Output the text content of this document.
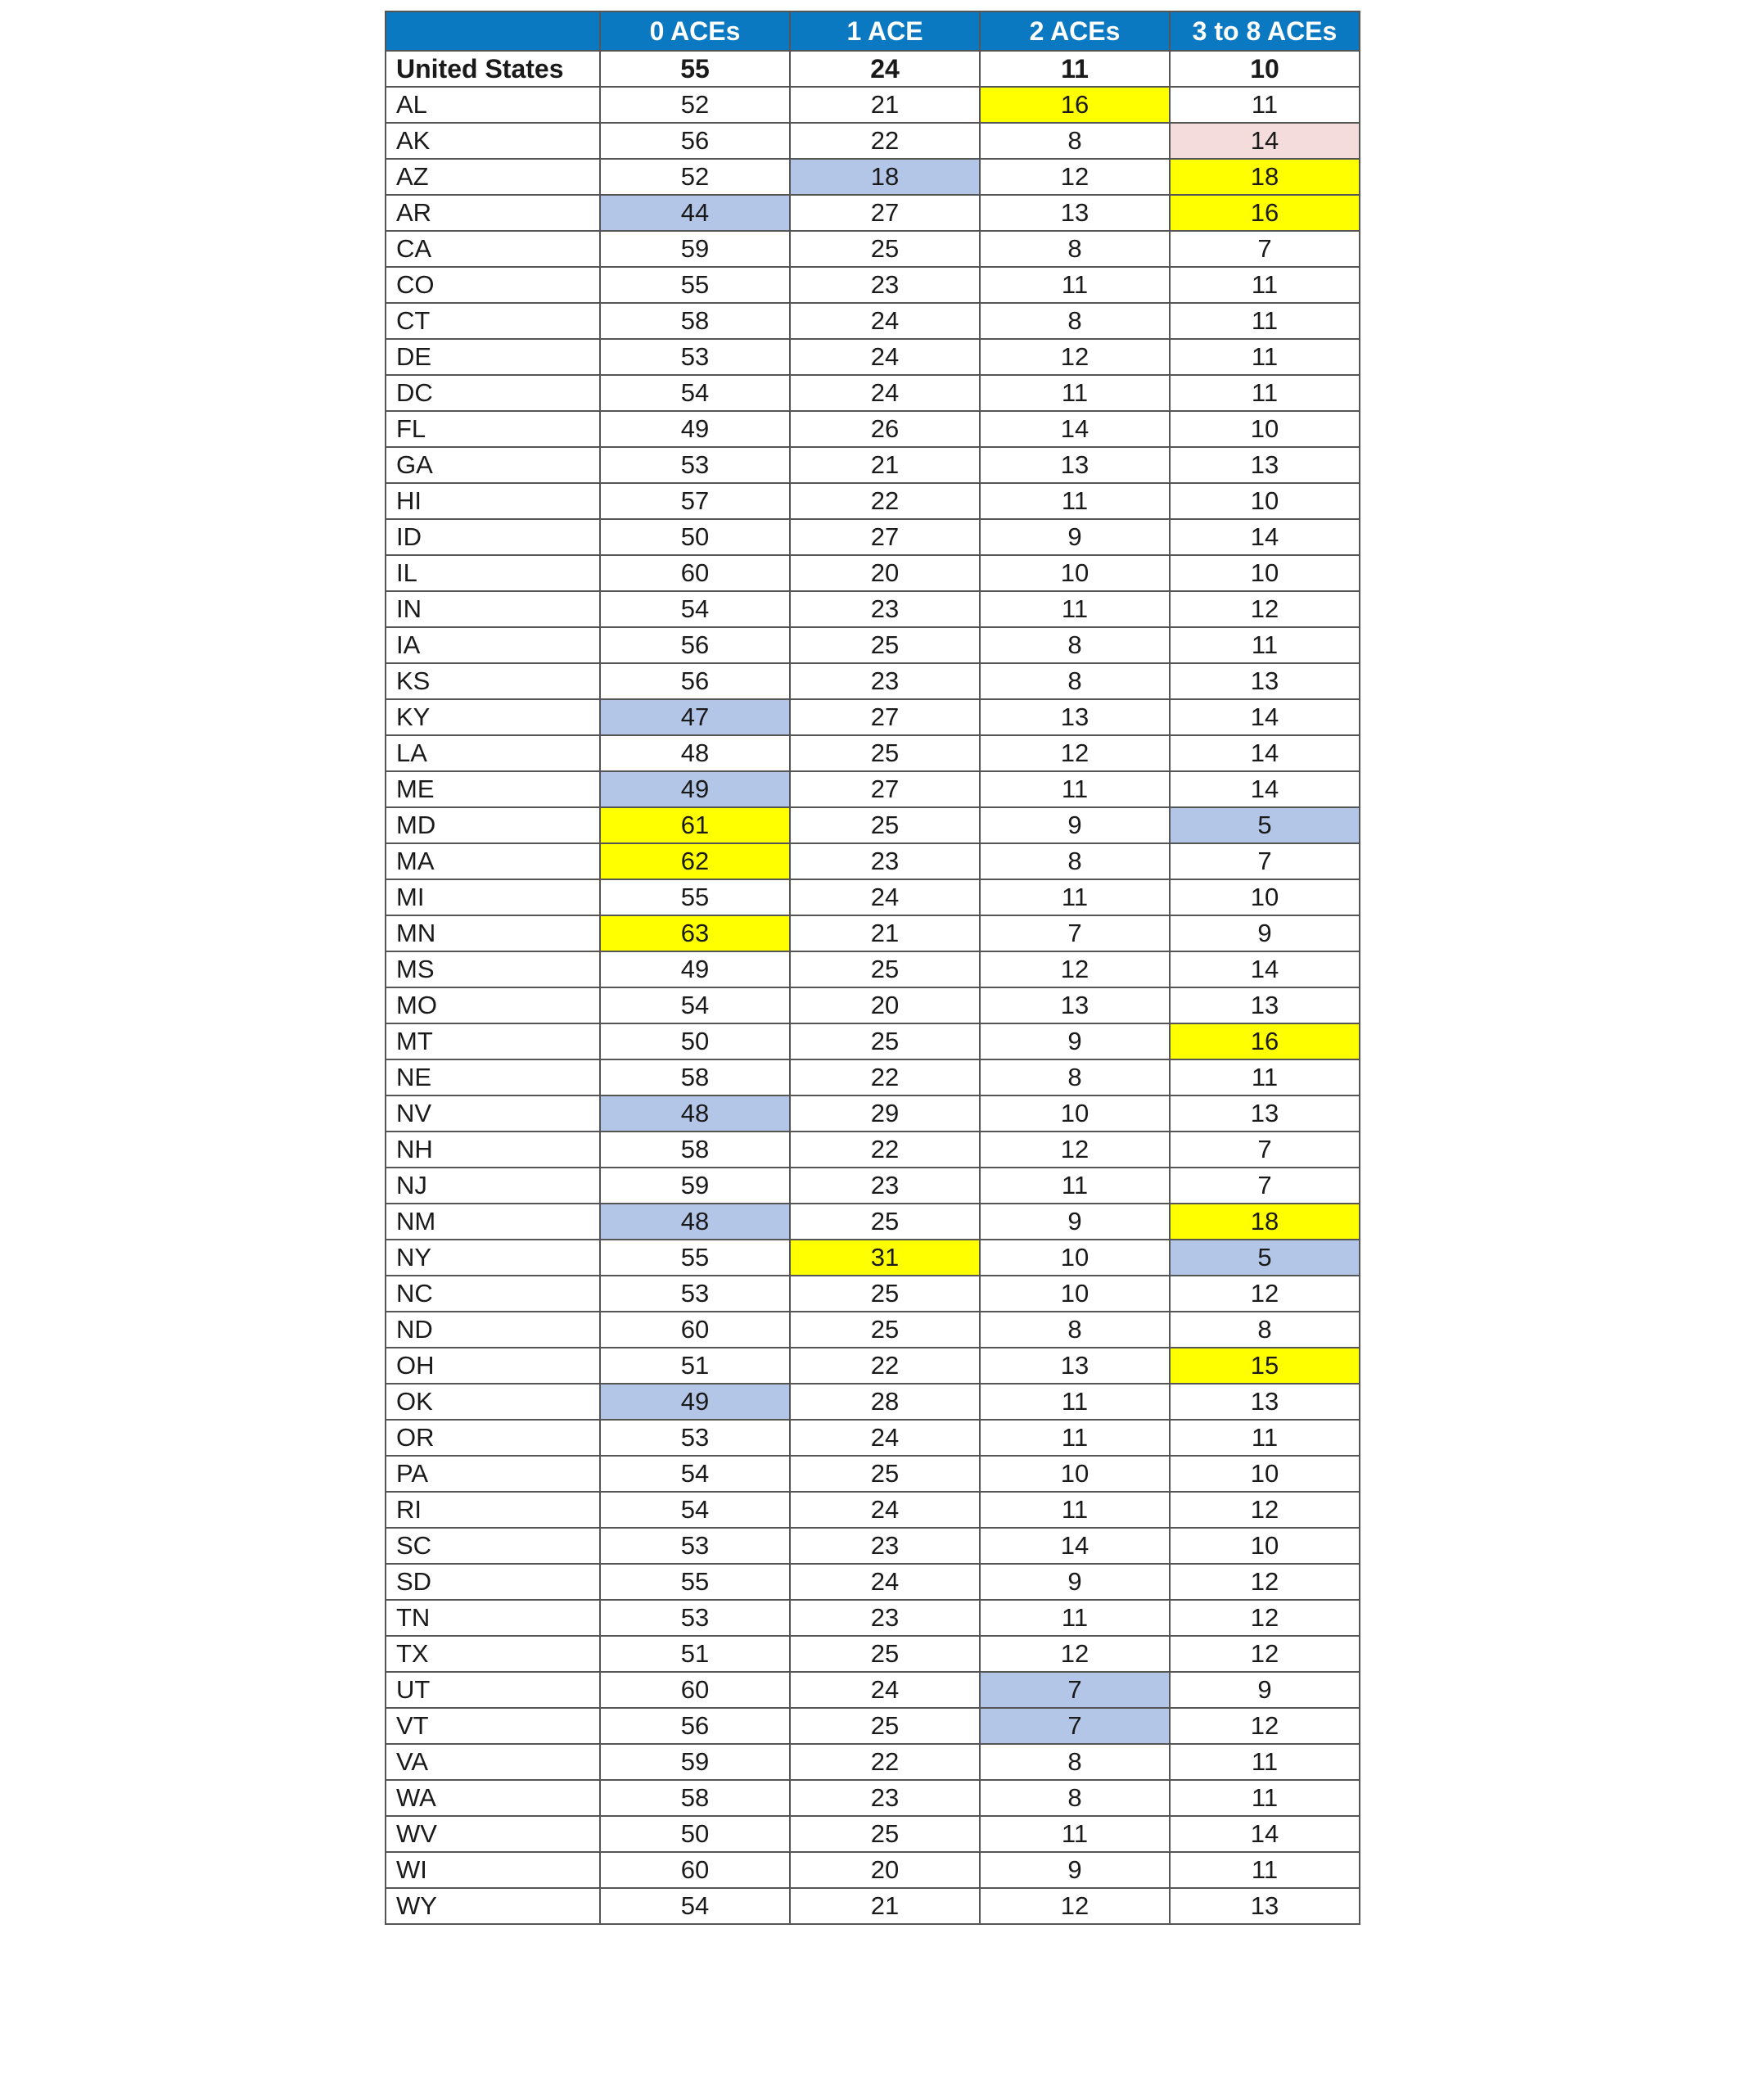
	0 ACEs	1 ACE	2 ACEs	3 to 8 ACEs
United States	55	24	11	10
AL	52	21	16	11
AK	56	22	8	14
AZ	52	18	12	18
AR	44	27	13	16
CA	59	25	8	7
CO	55	23	11	11
CT	58	24	8	11
DE	53	24	12	11
DC	54	24	11	11
FL	49	26	14	10
GA	53	21	13	13
HI	57	22	11	10
ID	50	27	9	14
IL	60	20	10	10
IN	54	23	11	12
IA	56	25	8	11
KS	56	23	8	13
KY	47	27	13	14
LA	48	25	12	14
ME	49	27	11	14
MD	61	25	9	5
MA	62	23	8	7
MI	55	24	11	10
MN	63	21	7	9
MS	49	25	12	14
MO	54	20	13	13
MT	50	25	9	16
NE	58	22	8	11
NV	48	29	10	13
NH	58	22	12	7
NJ	59	23	11	7
NM	48	25	9	18
NY	55	31	10	5
NC	53	25	10	12
ND	60	25	8	8
OH	51	22	13	15
OK	49	28	11	13
OR	53	24	11	11
PA	54	25	10	10
RI	54	24	11	12
SC	53	23	14	10
SD	55	24	9	12
TN	53	23	11	12
TX	51	25	12	12
UT	60	24	7	9
VT	56	25	7	12
VA	59	22	8	11
WA	58	23	8	11
WV	50	25	11	14
WI	60	20	9	11
WY	54	21	12	13
